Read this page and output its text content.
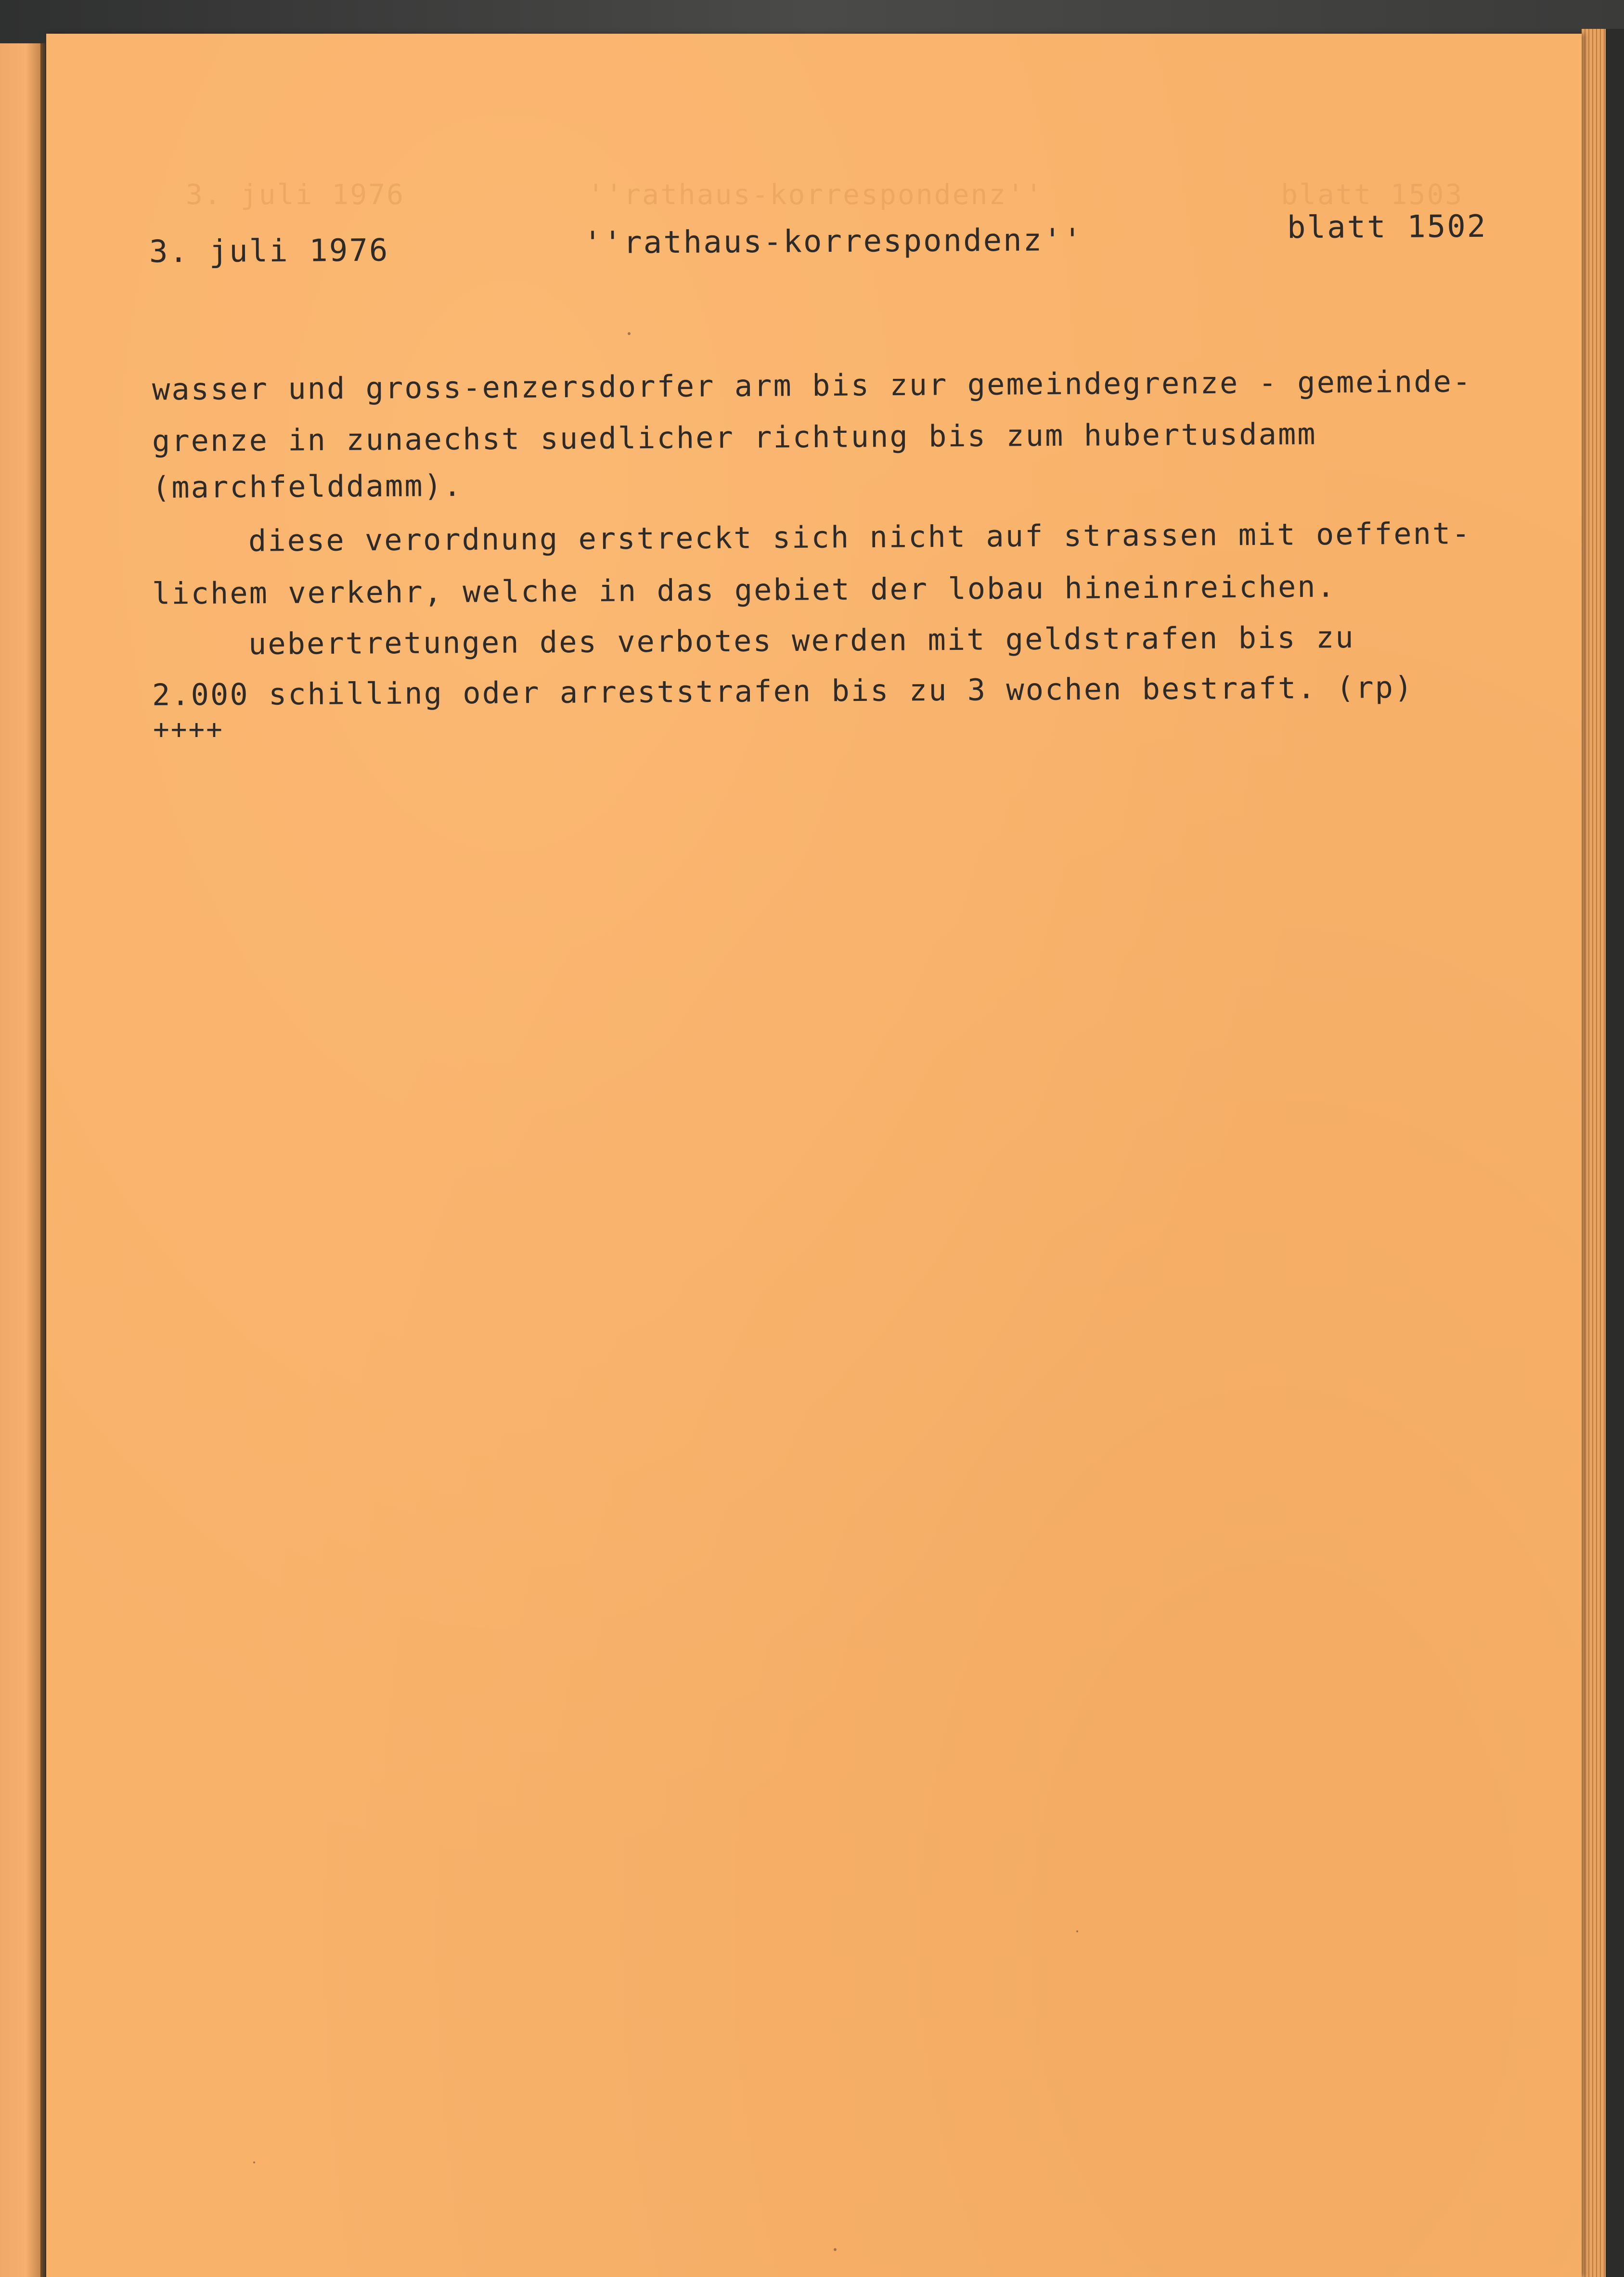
3. juli 1976          ''rathaus-korrespondenz''             blatt 1503
3. juli 1976	''rathaus-korrespondenz''	blatt 1502
wasser und gross-enzersdorfer arm bis zur gemeindegrenze - gemeinde-
grenze in zunaechst suedlicher richtung bis zum hubertusdamm
(marchfelddamm).
diese verordnung erstreckt sich nicht auf strassen mit oeffent-
lichem verkehr, welche in das gebiet der lobau hineinreichen.
uebertretungen des verbotes werden mit geldstrafen bis zu
2.000 schilling oder arreststrafen bis zu 3 wochen bestraft. (rp)
++++
